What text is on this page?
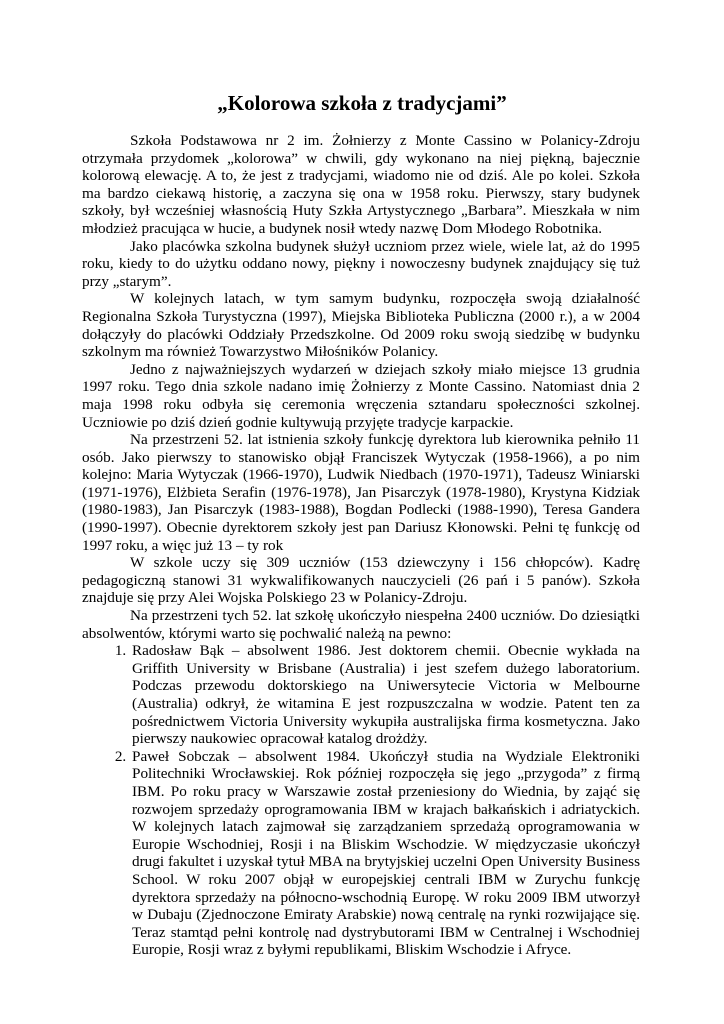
„Kolorowa szkoła z tradycjami”

Szkoła Podstawowa nr 2 im. Żołnierzy z Monte Cassino w Polanicy-Zdroju otrzymała przydomek „kolorowa” w chwili, gdy wykonano na niej piękną, bajecznie kolorową elewację. A to, że jest z tradycjami, wiadomo nie od dziś. Ale po kolei. Szkoła ma bardzo ciekawą historię, a zaczyna się ona w 1958 roku. Pierwszy, stary budynek szkoły, był wcześniej własnością Huty Szkła Artystycznego „Barbara”. Mieszkała w nim młodzież pracująca w hucie, a budynek nosił wtedy nazwę Dom Młodego Robotnika.

Jako placówka szkolna budynek służył uczniom przez wiele, wiele lat, aż do 1995 roku, kiedy to do użytku oddano nowy, piękny i nowoczesny budynek znajdujący się tuż przy „starym”.

W kolejnych latach, w tym samym budynku, rozpoczęła swoją działalność Regionalna Szkoła Turystyczna (1997), Miejska Biblioteka Publiczna (2000 r.), a w 2004 dołączyły do placówki Oddziały Przedszkolne. Od 2009 roku swoją siedzibę w budynku szkolnym ma również Towarzystwo Miłośników Polanicy.

Jedno z najważniejszych wydarzeń w dziejach szkoły miało miejsce 13 grudnia 1997 roku. Tego dnia szkole nadano imię Żołnierzy z Monte Cassino. Natomiast dnia 2 maja 1998 roku odbyła się ceremonia wręczenia sztandaru społeczności szkolnej. Uczniowie po dziś dzień godnie kultywują przyjęte tradycje karpackie.

Na przestrzeni 52. lat istnienia szkoły funkcję dyrektora lub kierownika pełniło 11 osób. Jako pierwszy to stanowisko objął Franciszek Wytyczak (1958-1966), a po nim kolejno: Maria Wytyczak (1966-1970), Ludwik Niedbach (1970-1971), Tadeusz Winiarski (1971-1976), Elżbieta Serafin (1976-1978), Jan Pisarczyk (1978-1980), Krystyna Kidziak (1980-1983), Jan Pisarczyk (1983-1988), Bogdan Podlecki (1988-1990), Teresa Gandera (1990-1997). Obecnie dyrektorem szkoły jest pan Dariusz Kłonowski. Pełni tę funkcję od 1997 roku, a więc już 13 – ty rok

W szkole uczy się 309 uczniów (153 dziewczyny i 156 chłopców). Kadrę pedagogiczną stanowi 31 wykwalifikowanych nauczycieli (26 pań i 5 panów). Szkoła znajduje się przy Alei Wojska Polskiego 23 w Polanicy-Zdroju.

Na przestrzeni tych 52. lat szkołę ukończyło niespełna 2400 uczniów. Do dziesiątki absolwentów, którymi warto się pochwalić należą na pewno:

1. Radosław Bąk – absolwent 1986. Jest doktorem chemii. Obecnie wykłada na Griffith University w Brisbane (Australia) i jest szefem dużego laboratorium. Podczas przewodu doktorskiego na Uniwersytecie Victoria w Melbourne (Australia) odkrył, że witamina E jest rozpuszczalna w wodzie. Patent ten za pośrednictwem Victoria University wykupiła australijska firma kosmetyczna. Jako pierwszy naukowiec opracował katalog drożdży.
2. Paweł Sobczak – absolwent 1984. Ukończył studia na Wydziale Elektroniki Politechniki Wrocławskiej. Rok później rozpoczęła się jego „przygoda” z firmą IBM. Po roku pracy w Warszawie został przeniesiony do Wiednia, by zająć się rozwojem sprzedaży oprogramowania IBM w krajach bałkańskich i adriatyckich. W kolejnych latach zajmował się zarządzaniem sprzedażą oprogramowania w Europie Wschodniej, Rosji i na Bliskim Wschodzie. W międzyczasie ukończył drugi fakultet i uzyskał tytuł MBA na brytyjskiej uczelni Open University Business School. W roku 2007 objął w europejskiej centrali IBM w Zurychu funkcję dyrektora sprzedaży na północno-wschodnią Europę. W roku 2009 IBM utworzył w Dubaju (Zjednoczone Emiraty Arabskie) nową centralę na rynki rozwijające się. Teraz stamtąd pełni kontrolę nad dystrybutorami IBM w Centralnej i Wschodniej Europie, Rosji wraz z byłymi republikami, Bliskim Wschodzie i Afryce.
